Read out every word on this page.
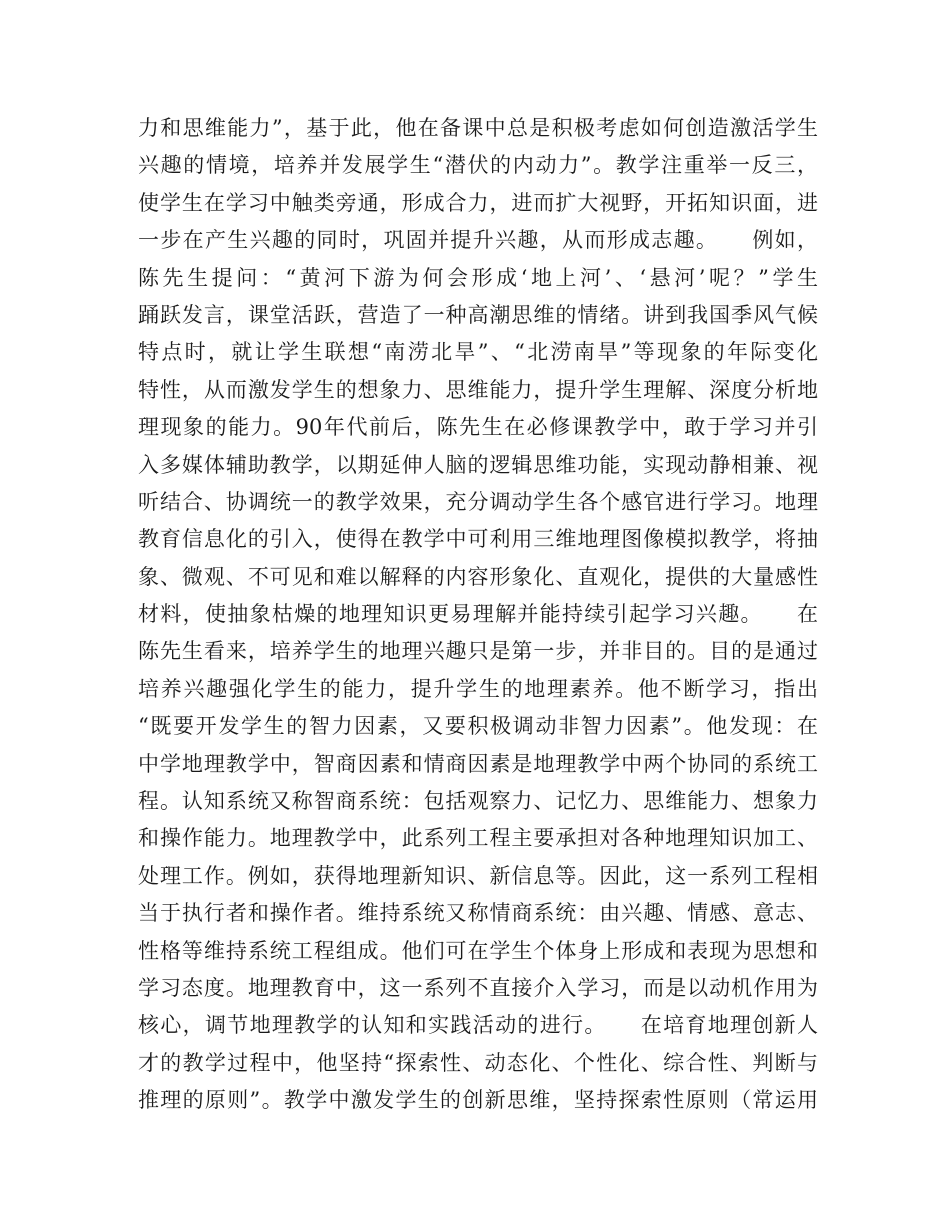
力和思维能力”，基于此，他在备课中总是积极考虑如何创造激活学生
兴趣的情境，培养并发展学生“潜伏的内动力”。教学注重举一反三，
使学生在学习中触类旁通，形成合力，进而扩大视野，开拓知识面，进
一步在产生兴趣的同时，巩固并提升兴趣，从而形成志趣。　　例如，
陈先生提问：“黄河下游为何会形成‘地上河’、‘悬河’呢？”学生
踊跃发言，课堂活跃，营造了一种高潮思维的情绪。讲到我国季风气候
特点时，就让学生联想“南涝北旱”、“北涝南旱”等现象的年际变化
特性，从而激发学生的想象力、思维能力，提升学生理解、深度分析地
理现象的能力。90年代前后，陈先生在必修课教学中，敢于学习并引
入多媒体辅助教学，以期延伸人脑的逻辑思维功能，实现动静相兼、视
听结合、协调统一的教学效果，充分调动学生各个感官进行学习。地理
教育信息化的引入，使得在教学中可利用三维地理图像模拟教学，将抽
象、微观、不可见和难以解释的内容形象化、直观化，提供的大量感性
材料，使抽象枯燥的地理知识更易理解并能持续引起学习兴趣。　　在
陈先生看来，培养学生的地理兴趣只是第一步，并非目的。目的是通过
培养兴趣强化学生的能力，提升学生的地理素养。他不断学习，指出
“既要开发学生的智力因素，又要积极调动非智力因素”。他发现：在
中学地理教学中，智商因素和情商因素是地理教学中两个协同的系统工
程。认知系统又称智商系统：包括观察力、记忆力、思维能力、想象力
和操作能力。地理教学中，此系列工程主要承担对各种地理知识加工、
处理工作。例如，获得地理新知识、新信息等。因此，这一系列工程相
当于执行者和操作者。维持系统又称情商系统：由兴趣、情感、意志、
性格等维持系统工程组成。他们可在学生个体身上形成和表现为思想和
学习态度。地理教育中，这一系列不直接介入学习，而是以动机作用为
核心，调节地理教学的认知和实践活动的进行。　　在培育地理创新人
才的教学过程中，他坚持“探索性、动态化、个性化、综合性、判断与
推理的原则”。教学中激发学生的创新思维，坚持探索性原则（常运用
